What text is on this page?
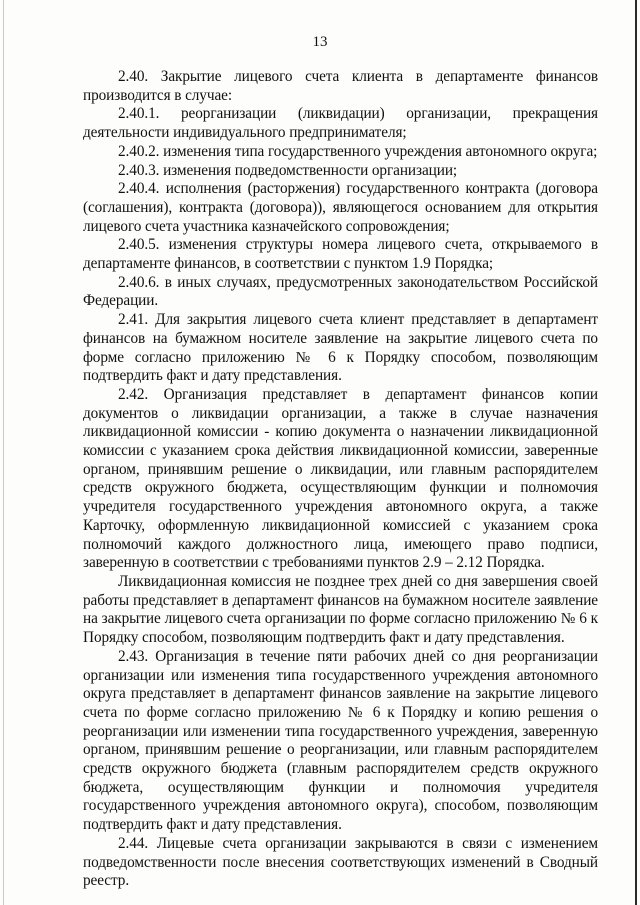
13

2.40. Закрытие лицевого счета клиента в департаменте финансов производится в случае:

2.40.1. реорганизации (ликвидации) организации, прекращения деятельности индивидуального предпринимателя;

2.40.2. изменения типа государственного учреждения автономного округа;

2.40.3. изменения подведомственности организации;

2.40.4. исполнения (расторжения) государственного контракта (договора (соглашения), контракта (договора)), являющегося основанием для открытия лицевого счета участника казначейского сопровождения;

2.40.5. изменения структуры номера лицевого счета, открываемого в департаменте финансов, в соответствии с пунктом 1.9 Порядка;

2.40.6. в иных случаях, предусмотренных законодательством Российской Федерации.

2.41. Для закрытия лицевого счета клиент представляет в департамент финансов на бумажном носителе заявление на закрытие лицевого счета по форме согласно приложению № 6 к Порядку способом, позволяющим подтвердить факт и дату представления.

2.42. Организация представляет в департамент финансов копии документов о ликвидации организации, а также в случае назначения ликвидационной комиссии - копию документа о назначении ликвидационной комиссии с указанием срока действия ликвидационной комиссии, заверенные органом, принявшим решение о ликвидации, или главным распорядителем средств окружного бюджета, осуществляющим функции и полномочия учредителя государственного учреждения автономного округа, а также Карточку, оформленную ликвидационной комиссией с указанием срока полномочий каждого должностного лица, имеющего право подписи, заверенную в соответствии с требованиями пунктов 2.9 – 2.12 Порядка.

Ликвидационная комиссия не позднее трех дней со дня завершения своей работы представляет в департамент финансов на бумажном носителе заявление на закрытие лицевого счета организации по форме согласно приложению № 6 к Порядку способом, позволяющим подтвердить факт и дату представления.

2.43. Организация в течение пяти рабочих дней со дня реорганизации организации или изменения типа государственного учреждения автономного округа представляет в департамент финансов заявление на закрытие лицевого счета по форме согласно приложению № 6 к Порядку и копию решения о реорганизации или изменении типа государственного учреждения, заверенную органом, принявшим решение о реорганизации, или главным распорядителем средств окружного бюджета (главным распорядителем средств окружного бюджета, осуществляющим функции и полномочия учредителя государственного учреждения автономного округа), способом, позволяющим подтвердить факт и дату представления.

2.44. Лицевые счета организации закрываются в связи с изменением подведомственности после внесения соответствующих изменений в Сводный реестр.
